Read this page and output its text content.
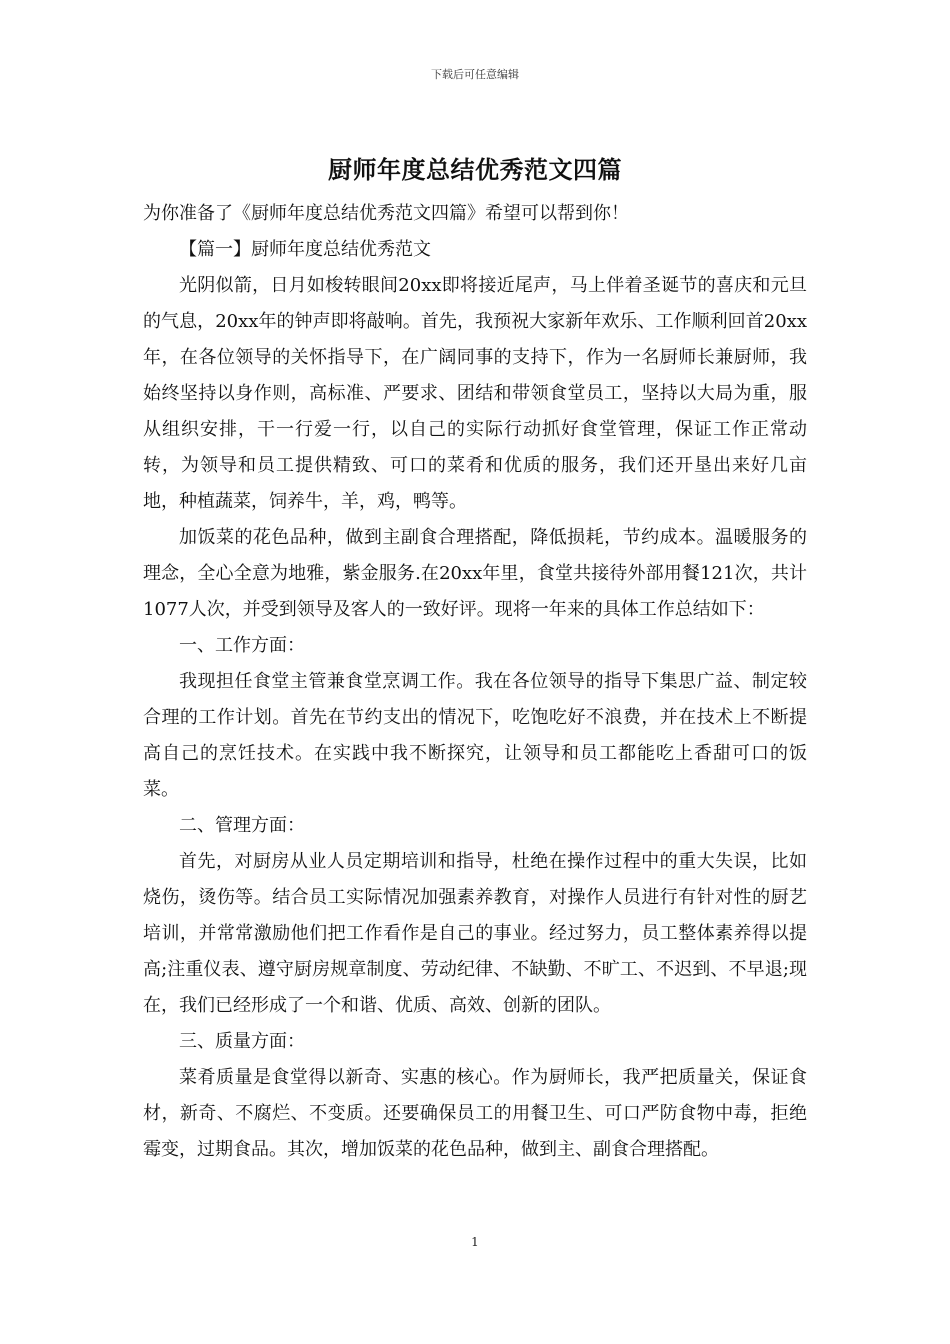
下载后可任意编辑
厨师年度总结优秀范文四篇

为你准备了《厨师年度总结优秀范文四篇》希望可以帮到你！

【篇一】厨师年度总结优秀范文

光阴似箭，日月如梭转眼间20xx即将接近尾声，马上伴着圣诞节的喜庆和元旦的气息，20xx年的钟声即将敲响。首先，我预祝大家新年欢乐、工作顺利回首20xx年，在各位领导的关怀指导下，在广阔同事的支持下，作为一名厨师长兼厨师，我始终坚持以身作则，高标准、严要求、团结和带领食堂员工，坚持以大局为重，服从组织安排，干一行爱一行，以自己的实际行动抓好食堂管理，保证工作正常动转，为领导和员工提供精致、可口的菜肴和优质的服务，我们还开垦出来好几亩地，种植蔬菜，饲养牛，羊，鸡，鸭等。

加饭菜的花色品种，做到主副食合理搭配，降低损耗，节约成本。温暖服务的理念，全心全意为地雅，紫金服务.在20xx年里，食堂共接待外部用餐121次，共计1077人次，并受到领导及客人的一致好评。现将一年来的具体工作总结如下：

一、工作方面：

我现担任食堂主管兼食堂烹调工作。我在各位领导的指导下集思广益、制定较合理的工作计划。首先在节约支出的情况下，吃饱吃好不浪费，并在技术上不断提高自己的烹饪技术。在实践中我不断探究，让领导和员工都能吃上香甜可口的饭菜。

二、管理方面：

首先，对厨房从业人员定期培训和指导，杜绝在操作过程中的重大失误，比如烧伤，烫伤等。结合员工实际情况加强素养教育，对操作人员进行有针对性的厨艺培训，并常常激励他们把工作看作是自己的事业。经过努力，员工整体素养得以提高;注重仪表、遵守厨房规章制度、劳动纪律、不缺勤、不旷工、不迟到、不早退;现在，我们已经形成了一个和谐、优质、高效、创新的团队。

三、质量方面：

菜肴质量是食堂得以新奇、实惠的核心。作为厨师长，我严把质量关，保证食材，新奇、不腐烂、不变质。还要确保员工的用餐卫生、可口严防食物中毒，拒绝霉变，过期食品。其次，增加饭菜的花色品种，做到主、副食合理搭配。

1
